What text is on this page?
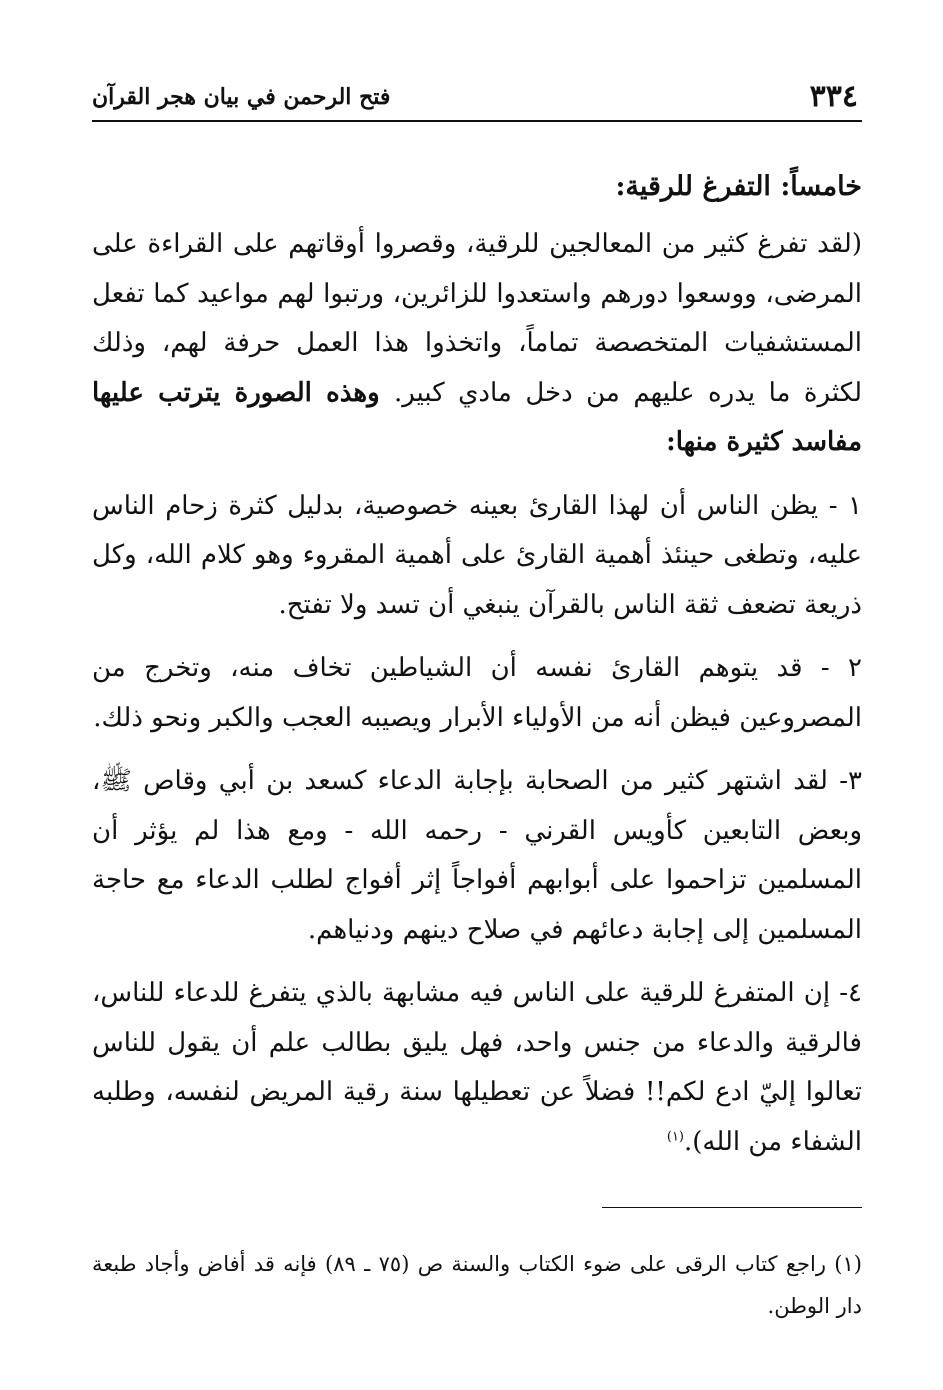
٣٣٤
فتح الرحمن في بيان هجر القرآن

خامساً: التفرغ للرقية:

(لقد تفرغ كثير من المعالجين للرقية، وقصروا أوقاتهم على القراءة على المرضى، ووسعوا دورهم واستعدوا للزائرين، ورتبوا لهم مواعيد كما تفعل المستشفيات المتخصصة تماماً، واتخذوا هذا العمل حرفة لهم، وذلك لكثرة ما يدره عليهم من دخل مادي كبير. وهذه الصورة يترتب عليها مفاسد كثيرة منها:

١ - يظن الناس أن لهذا القارئ بعينه خصوصية، بدليل كثرة زحام الناس عليه، وتطغى حينئذ أهمية القارئ على أهمية المقروء وهو كلام الله، وكل ذريعة تضعف ثقة الناس بالقرآن ينبغي أن تسد ولا تفتح.

٢ - قد يتوهم القارئ نفسه أن الشياطين تخاف منه، وتخرج من المصروعين فيظن أنه من الأولياء الأبرار ويصيبه العجب والكبر ونحو ذلك.

٣- لقد اشتهر كثير من الصحابة بإجابة الدعاء كسعد بن أبي وقاص ﷺ، وبعض التابعين كأويس القرني - رحمه الله - ومع هذا لم يؤثر أن المسلمين تزاحموا على أبوابهم أفواجاً إثر أفواج لطلب الدعاء مع حاجة المسلمين إلى إجابة دعائهم في صلاح دينهم ودنياهم.

٤- إن المتفرغ للرقية على الناس فيه مشابهة بالذي يتفرغ للدعاء للناس، فالرقية والدعاء من جنس واحد، فهل يليق بطالب علم أن يقول للناس تعالوا إليّ ادع لكم!! فضلاً عن تعطيلها سنة رقية المريض لنفسه، وطلبه الشفاء من الله).$^{(١)}$

(١) راجع كتاب الرقى على ضوء الكتاب والسنة ص (٧٥ ـ ٨٩) فإنه قد أفاض وأجاد طبعة دار الوطن.
